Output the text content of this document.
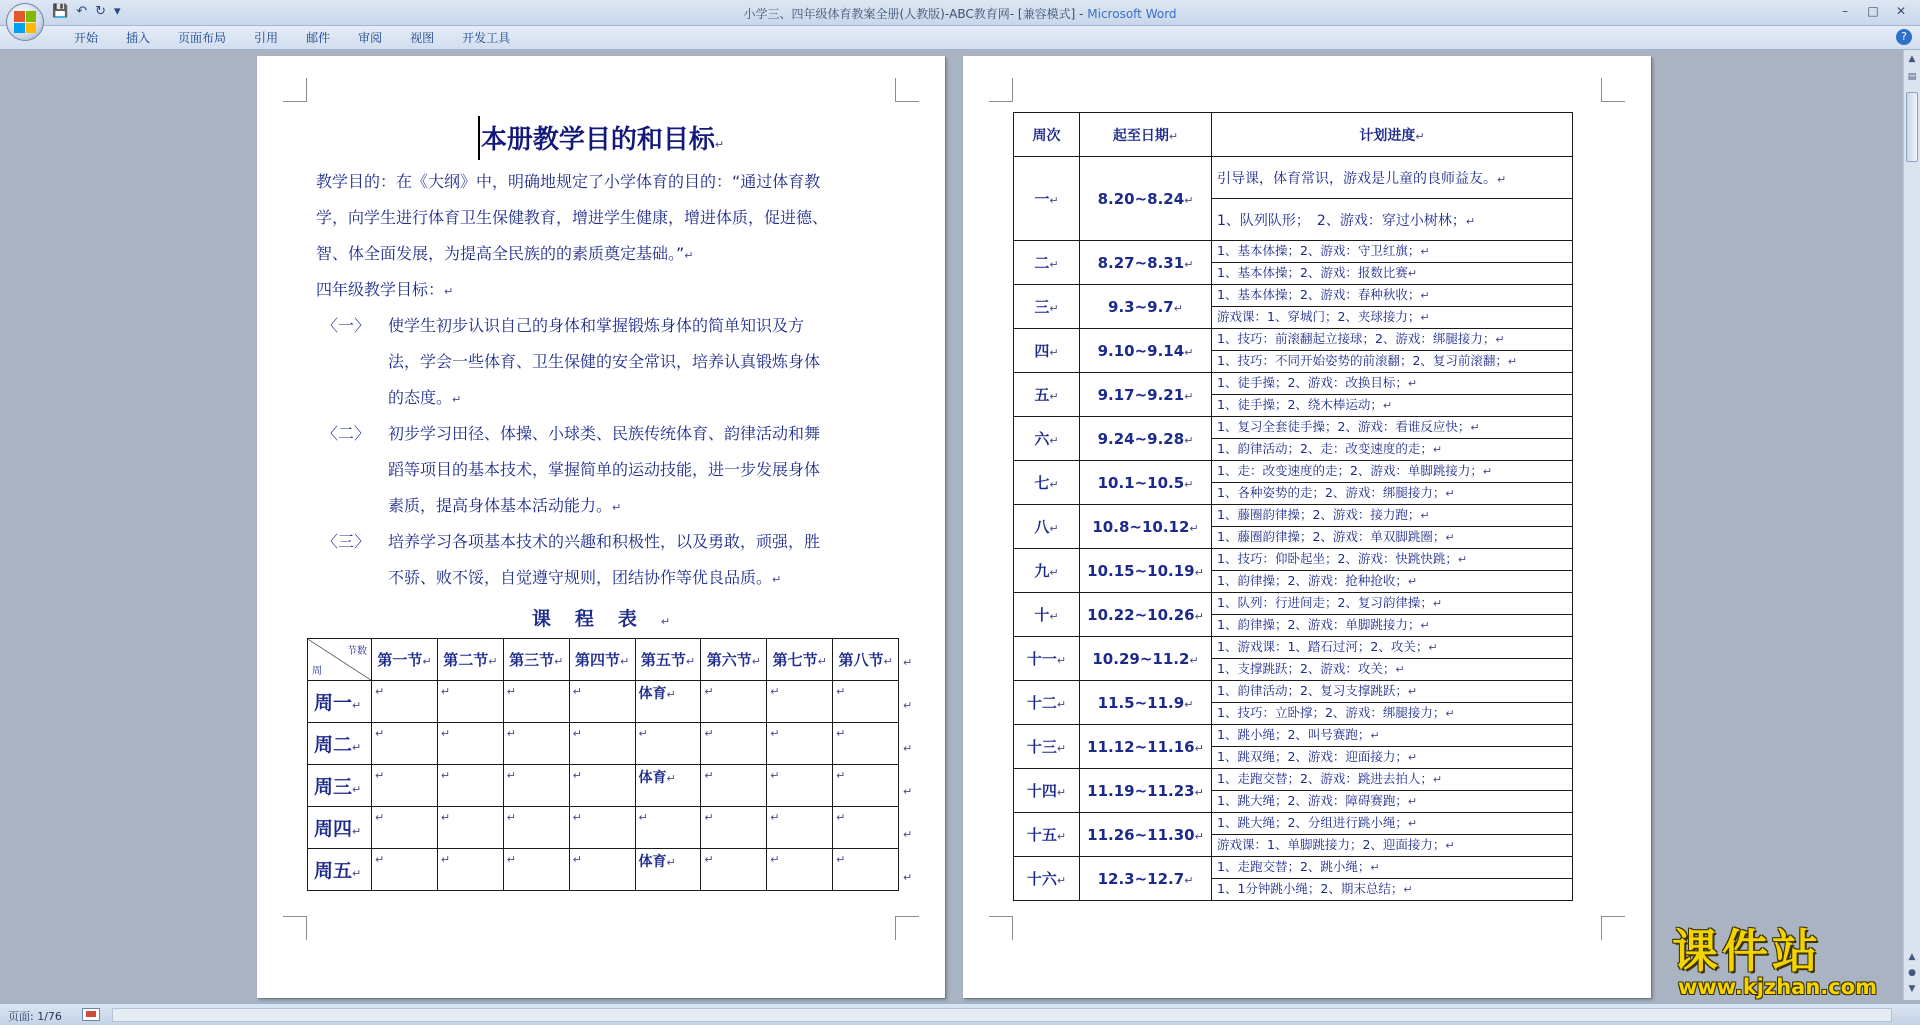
💾 ↶ ↻ ▾	小学三、四年级体育教案全册(人教版)-ABC教育网- [兼容模式] - Microsoft Word	–	□	✕
开始	插入	页面布局	引用	邮件	审阅	视图	开发工具	?
▲
▤
▲
●
▼
本册教学目的和目标↵
教学目的：在《大纲》中，明确地规定了小学体育的目的：“通过体育教
学，向学生进行体育卫生保健教育，增进学生健康，增进体质，促进德、
智、体全面发展，为提高全民族的的素质奠定基础。”↵
四年级教学目标：↵
〈一〉 使学生初步认识自己的身体和掌握锻炼身体的简单知识及方
法，学会一些体育、卫生保健的安全常识，培养认真锻炼身体
的态度。↵
〈二〉 初步学习田径、体操、小球类、民族传统体育、韵律活动和舞
蹈等项目的基本技术，掌握简单的运动技能，进一步发展身体
素质，提高身体基本活动能力。↵
〈三〉 培养学习各项基本技术的兴趣和积极性，以及勇敢，顽强，胜
不骄、败不馁，自觉遵守规则，团结协作等优良品质。↵
课程表↵
节数
周	第一节↵	第二节↵	第三节↵	第四节↵	第五节↵	第六节↵	第七节↵	第八节↵
周一↵	↵	↵	↵	↵	体育↵	↵	↵	↵
周二↵	↵	↵	↵	↵	↵	↵	↵	↵
周三↵	↵	↵	↵	↵	体育↵	↵	↵	↵
周四↵	↵	↵	↵	↵	↵	↵	↵	↵
周五↵	↵	↵	↵	↵	体育↵	↵	↵	↵
↵
↵
↵
↵
↵
↵
周次	起至日期↵	计划进度↵
一↵	8.20~8.24↵	引导课，体育常识，游戏是儿童的良师益友。↵
		1、队列队形；　2、游戏：穿过小树林；↵
二↵	8.27~8.31↵	1、基本体操；2、游戏：守卫红旗；↵
		1、基本体操；2、游戏：报数比赛↵
三↵	9.3~9.7↵	1、基本体操；2、游戏：春种秋收；↵
		游戏课：1、穿城门；2、夹球接力；↵
四↵	9.10~9.14↵	1、技巧：前滚翻起立接球；2、游戏：绑腿接力；↵
		1、技巧：不同开始姿势的前滚翻；2、复习前滚翻；↵
五↵	9.17~9.21↵	1、徒手操；2、游戏：改换目标；↵
		1、徒手操；2、绕木棒运动；↵
六↵	9.24~9.28↵	1、复习全套徒手操；2、游戏：看谁反应快；↵
		1、韵律活动；2、走：改变速度的走；↵
七↵	10.1~10.5↵	1、走：改变速度的走；2、游戏：单脚跳接力；↵
		1、各种姿势的走；2、游戏：绑腿接力；↵
八↵	10.8~10.12↵	1、藤圈韵律操；2、游戏：接力跑；↵
		1、藤圈韵律操；2、游戏：单双脚跳圈；↵
九↵	10.15~10.19↵	1、技巧：仰卧起坐；2、游戏：快跳快跳；↵
		1、韵律操；2、游戏：抢种抢收；↵
十↵	10.22~10.26↵	1、队列：行进间走；2、复习韵律操；↵
		1、韵律操；2、游戏：单脚跳接力；↵
十一↵	10.29~11.2↵	1、游戏课：1、踏石过河；2、攻关；↵
		1、支撑跳跃；2、游戏：攻关；↵
十二↵	11.5~11.9↵	1、韵律活动；2、复习支撑跳跃；↵
		1、技巧：立卧撑；2、游戏：绑腿接力；↵
十三↵	11.12~11.16↵	1、跳小绳；2、叫号赛跑；↵
		1、跳双绳；2、游戏：迎面接力；↵
十四↵	11.19~11.23↵	1、走跑交替；2、游戏：跳进去拍人；↵
		1、跳大绳；2、游戏：障碍赛跑；↵
十五↵	11.26~11.30↵	1、跳大绳；2、分组进行跳小绳；↵
		游戏课：1、单脚跳接力；2、迎面接力；↵
十六↵	12.3~12.7↵	1、走跑交替；2、跳小绳；↵
		1、1分钟跳小绳；2、期末总结；↵
课件站
www.kjzhan.com
页面: 1/76
